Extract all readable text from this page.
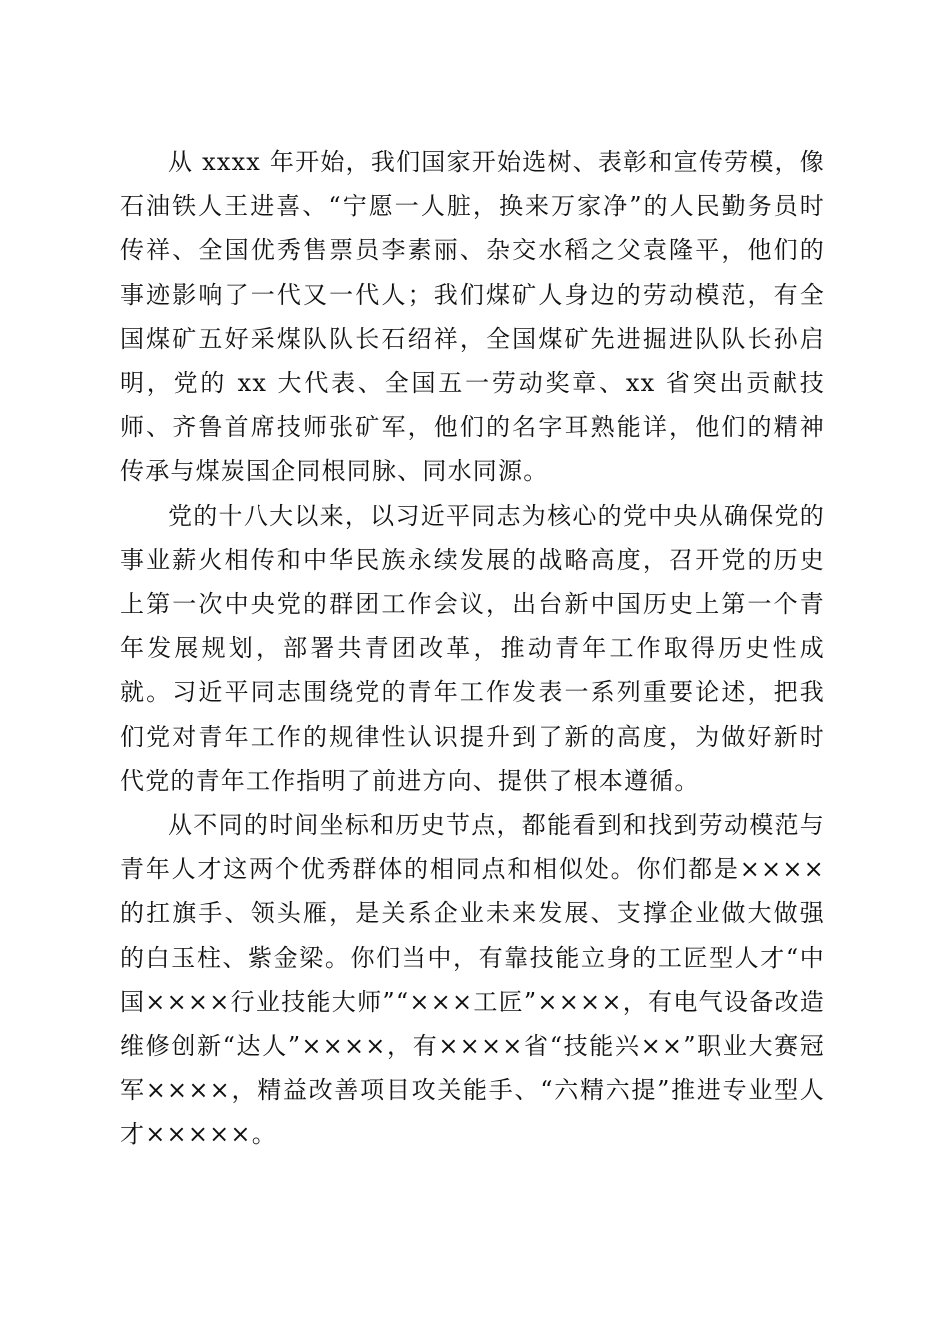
从 xxxx 年开始，我们国家开始选树、表彰和宣传劳模，像石油铁人王进喜、“宁愿一人脏，换来万家净”的人民勤务员时传祥、全国优秀售票员李素丽、杂交水稻之父袁隆平，他们的事迹影响了一代又一代人；我们煤矿人身边的劳动模范，有全国煤矿五好采煤队队长石绍祥，全国煤矿先进掘进队队长孙启明，党的 xx 大代表、全国五一劳动奖章、xx 省突出贡献技师、齐鲁首席技师张矿军，他们的名字耳熟能详，他们的精神传承与煤炭国企同根同脉、同水同源。

党的十八大以来，以习近平同志为核心的党中央从确保党的事业薪火相传和中华民族永续发展的战略高度，召开党的历史上第一次中央党的群团工作会议，出台新中国历史上第一个青年发展规划，部署共青团改革，推动青年工作取得历史性成就。习近平同志围绕党的青年工作发表一系列重要论述，把我们党对青年工作的规律性认识提升到了新的高度，为做好新时代党的青年工作指明了前进方向、提供了根本遵循。

从不同的时间坐标和历史节点，都能看到和找到劳动模范与青年人才这两个优秀群体的相同点和相似处。你们都是××××的扛旗手、领头雁，是关系企业未来发展、支撑企业做大做强的白玉柱、紫金梁。你们当中，有靠技能立身的工匠型人才“中国××××行业技能大师”“×××工匠”××××，有电气设备改造维修创新“达人”××××，有××××省“技能兴××”职业大赛冠军××××，精益改善项目攻关能手、“六精六提”推进专业型人才×××××。
